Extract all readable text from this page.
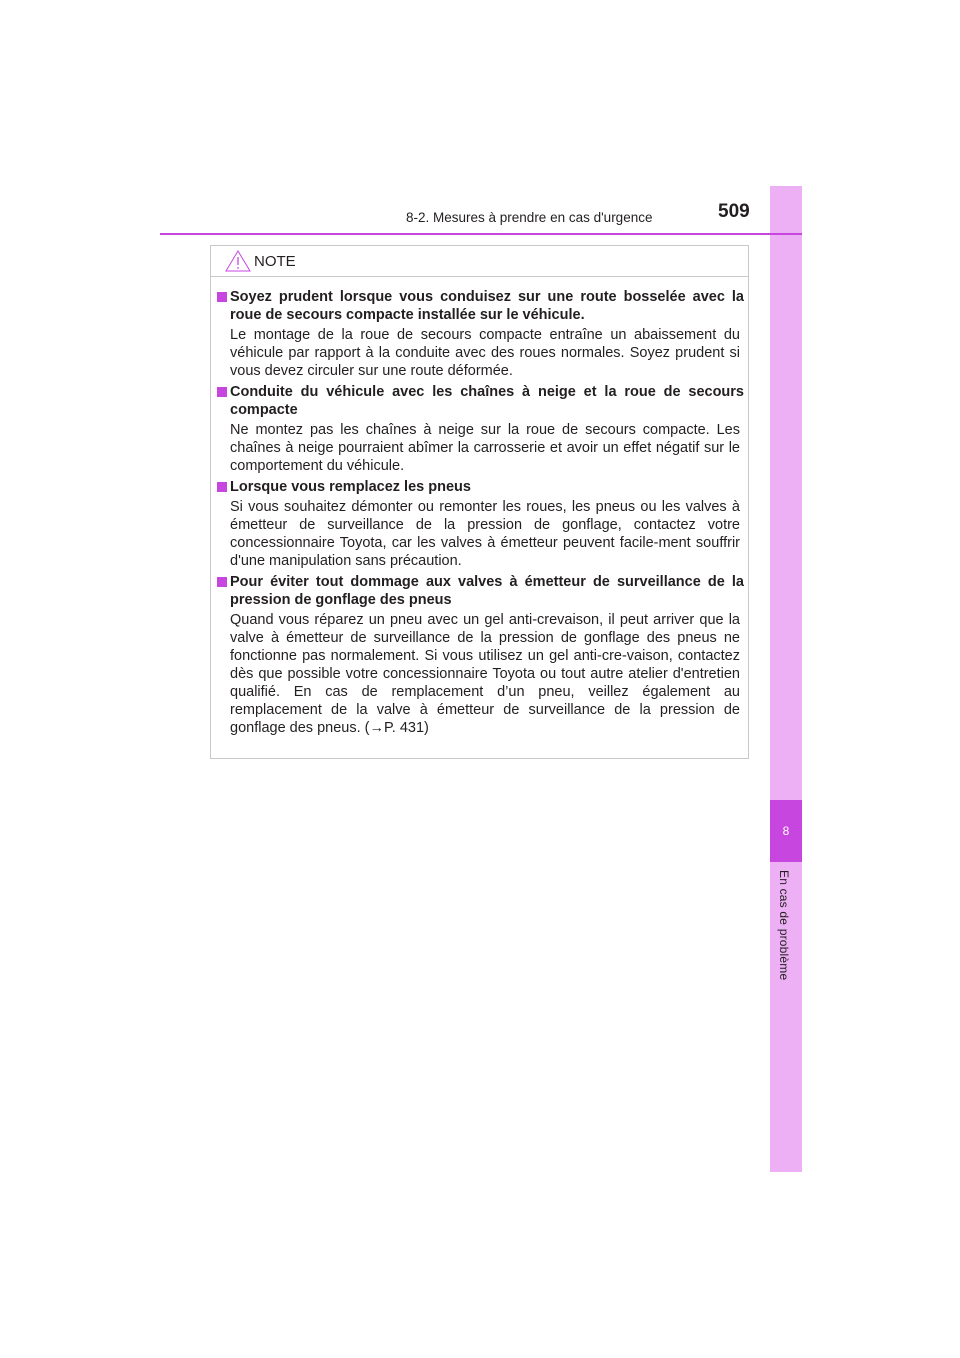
8
En cas de problème
8-2. Mesures à prendre en cas d'urgence	509
NOTE
Soyez prudent lorsque vous conduisez sur une route bosselée avec la roue de secours compacte installée sur le véhicule.
Le montage de la roue de secours compacte entraîne un abaissement du véhicule par rapport à la conduite avec des roues normales. Soyez prudent si vous devez circuler sur une route déformée.
Conduite du véhicule avec les chaînes à neige et la roue de secours compacte
Ne montez pas les chaînes à neige sur la roue de secours compacte. Les chaînes à neige pourraient abîmer la carrosserie et avoir un effet négatif sur le comportement du véhicule.
Lorsque vous remplacez les pneus
Si vous souhaitez démonter ou remonter les roues, les pneus ou les valves à émetteur de surveillance de la pression de gonflage, contactez votre concessionnaire Toyota, car les valves à émetteur peuvent facile-ment souffrir d'une manipulation sans précaution.
Pour éviter tout dommage aux valves à émetteur de surveillance de la pression de gonflage des pneus
Quand vous réparez un pneu avec un gel anti-crevaison, il peut arriver que la valve à émetteur de surveillance de la pression de gonflage des pneus ne fonctionne pas normalement. Si vous utilisez un gel anti-cre-vaison, contactez dès que possible votre concessionnaire Toyota ou tout autre atelier d'entretien qualifié. En cas de remplacement d’un pneu, veillez également au remplacement de la valve à émetteur de surveillance de la pression de gonflage des pneus. (→P. 431)
